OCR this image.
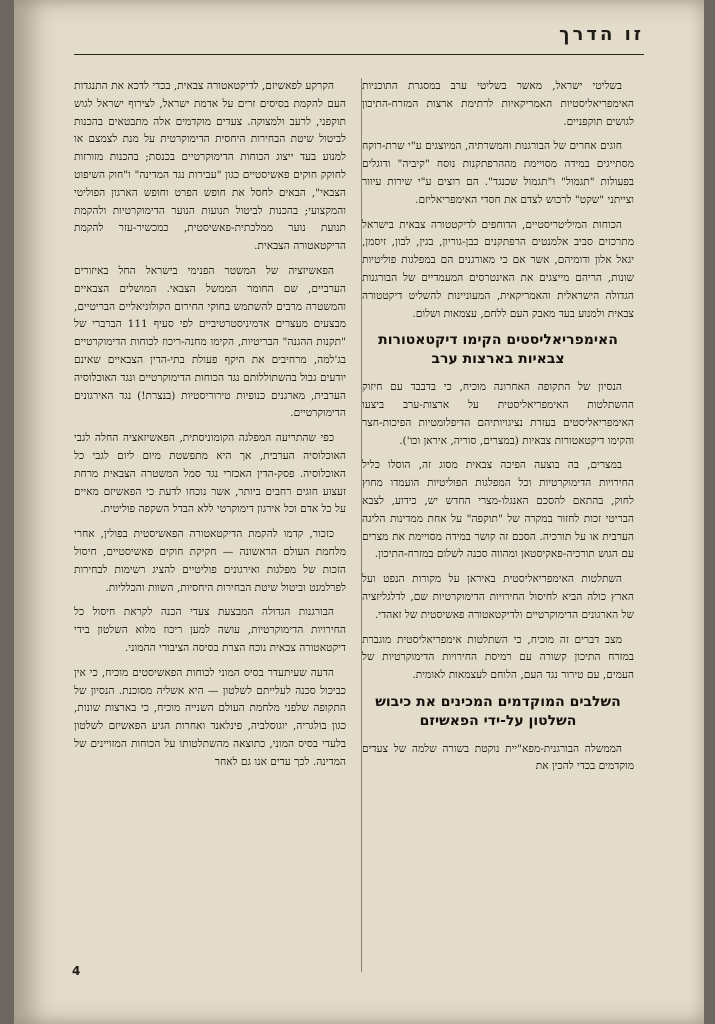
זו הדרך

בשליטי ישראל, מאשר בשליטי ערב במסגרת התוכניות האימפריאליסטיות האמריקאיות לרתימת ארצות המזרח-התיכון לגושים תוקפניים.

חוגים אחרים של הבורגנות והמשרתיה, המיוצגים ע"י שרת-רוקח מסתייגים במידה מסויימת מההרפתקנות נוסח "קיביה" ודוגלים בפעולות "תגמול" ו"תגמול שכנגד". הם רוצים ע"י שירות עיוור וצייתני "שקט" לרכוש לצדם את חסדי האימפריאליזם.

הכוחות המיליטריסטיים, הדוחפים לדיקטטורה צבאית בישראל מתרכזים סביב אלמנטים הרפתקנים כבן-גוריון, בגין, לבון, זיסמן, יגאל אלון ודומיהם, אשר אם כי מאורגנים הם במפלגות פוליטיות שונות, הריהם מייצגים את האינטרסים המעמדיים של הבורגנות הגדולה הישראלית והאמריקאית, המעוניינות להשליט דיקטטורה צבאית ולמנוע בעד מאבק העם ללחם, עצמאות ושלום.

האימפריאליסטים הקימו דיקטאטורות צבאיות בארצות ערב

הנסיון של התקופה האחרונה מוכיח, כי בדבבד עם חיזוק ההשתלטות האימפריאליסטית על ארצות-ערב ביצעו האימפריאליסטים בעזרת נציגויותיהם הדיפלומטיות הפיכות-חצר והקימו דיקטאטורות צבאיות (במצרים, סוריה, איראן וכו').

במצרים, בה בוצעה הפיכה צבאית מסוג זה, הוסלו כליל החירויות הדימוקרטיות וכל המפלגות הפוליטיות הועמדו מחוץ לחוק, בהתאם להסכם האנגלו-מצרי החדש יש, כידוע, לצבא הבריטי זכות לחזור במקרה של "תוקפה" על אחת ממדינות הליגה הערבית או על תורכיה. הסכם זה קושר במידה מסויימת את מצרים עם הגוש תורכיה-פאקיסטאן ומהווה סכנה לשלום במזרח-התיכון.

השתלטות האימפריאליסטית באיראן על מקורות הנפט ועל הארץ כולה הביא לחיסול החירויות הדימוקרטיות שם, לדלגליזציה של הארגונים הדימוקרטיים ולדיקטאטורה פאשיסטית של זאהדי.

מצב דברים זה מוכיח, כי השתלטות אימפריאליסטית מוגברת במזרח התיכון קשורה עם רמיסת החירויות הדימוקרטיות של העמים, עם טירור נגד העם, הלוחם לעצמאות לאומית.

השלבים המוקדמים המכינים את כיבוש השלטון על-ידי הפאשיזם

הממשלה הבורגנית-מפא"יית נוקטת בשורה שלמה של צעדים מוקדמים בכדי להכין את

הקרקע לפאשיזם, לדיקטאטורה צבאית, בכדי לדכא את התנגדות העם להקמת בסיסים זרים על אדמת ישראל, לצירוף ישראל לגוש תוקפני, לרעב ולמצוקה. צעדים מוקדמים אלה מתבטאים בהכנות לביטול שיטת הבחירות היחסית הדימוקרטית על מנת לצמצם או למנוע בעד ייצוג הכוחות הדימוקרטיים בכנסת; בהכנות מזורזות לחוקק חוקים פאשיסטיים כגון "עבירות נגד המדינה" ו"חוק השיפוט הצבאי", הבאים לחסל את חופש הפרט וחופש הארגון הפוליטי והמקצועי; בהכנות לביטול תנועות הנוער הדימוקרטיות ולהקמת תנועת נוער ממלכתית-פאשיסטית, כמכשיר-עזר להקמת הדיקטאטורה הצבאית.

הפאשיזציה של המשטר הפנימי בישראל החל באיזורים הערביים, שם החומר הממשל הצבאי. המושלים הצבאיים והמשטרה מרבים להשתמש בחוקי החירום הקולוניאליים הבריטיים, מבצעים מעצרים אדמיניסטרטיביים לפי סעיף 111 הברברי של "תקנות ההגנה" הבריטיות, הקימו מחנה-ריכוז לכוחות הדימוקרטיים בג'למה, מרחיבים את היקף פעולת בתי-הדין הצבאיים שאינם יודעים גבול בהשתוללותם נגד הכוחות הדימוקרטיים ונגד האוכלוסיה הערבית, מארגנים כנופיות טירוריסטיות (בנצרת!) נגד האירגונים הדימוקרטיים.

כפי שהתריעה המפלגה הקומוניסתית, הפאשיזאציה החלה לגבי האוכלוסיה הערבית, אך היא מתפשטת מיום ליום לגבי כל האוכלוסיה. פסק-הדין האכזרי נגד סמל המשטרה הצבאית מרחת זעצוע חוגים רחבים ביותר, אשר נוכחו לדעת כי הפאשיזם מאיים על כל אדם וכל אירגון דימוקרטי ללא הבדל השקפה פוליטית.

כזכור, קדמו להקמת הדיקטאטורה הפאשיסטית בפולין, אחרי מלחמת העולם הראשונה — חקיקת חוקים פאשיסטיים, חיסול הזכות של מפלגות ואירגונים פוליטיים להציג רשימות לבחירות לפרלמנט וביטול שיטת הבחירות היחסיות, השוות והכלליות.

הבורגנות הגדולה המבצעת צעדי הכנה לקראת חיסול כל החירויות הדימוקרטיות, עושה למען ריכוז מלוא השלטון בידי דיקטאטורה צבאית נוכח הצרת בסיסה הציבורי ההמוני.

הדעה שעיתעדר בסיס המוני לכוחות הפאשיסטים מוכיח, כי אין כביכול סכנה לעלייתם לשלטון — היא אשליה מסוכנת. הנסיון של התקופה שלפני מלחמת העולם השנייה מוכיח, כי בארצות שונות, כגון בולגריה, יוגוסלביה, פינלאנד ואחרות הגיע הפאשיזם לשלטון בלעדי בסיס המוני, כתוצאה מהשתלטותו על הכוחות המזויינים של המדינה. לכך עדים אנו גם לאחר

4
